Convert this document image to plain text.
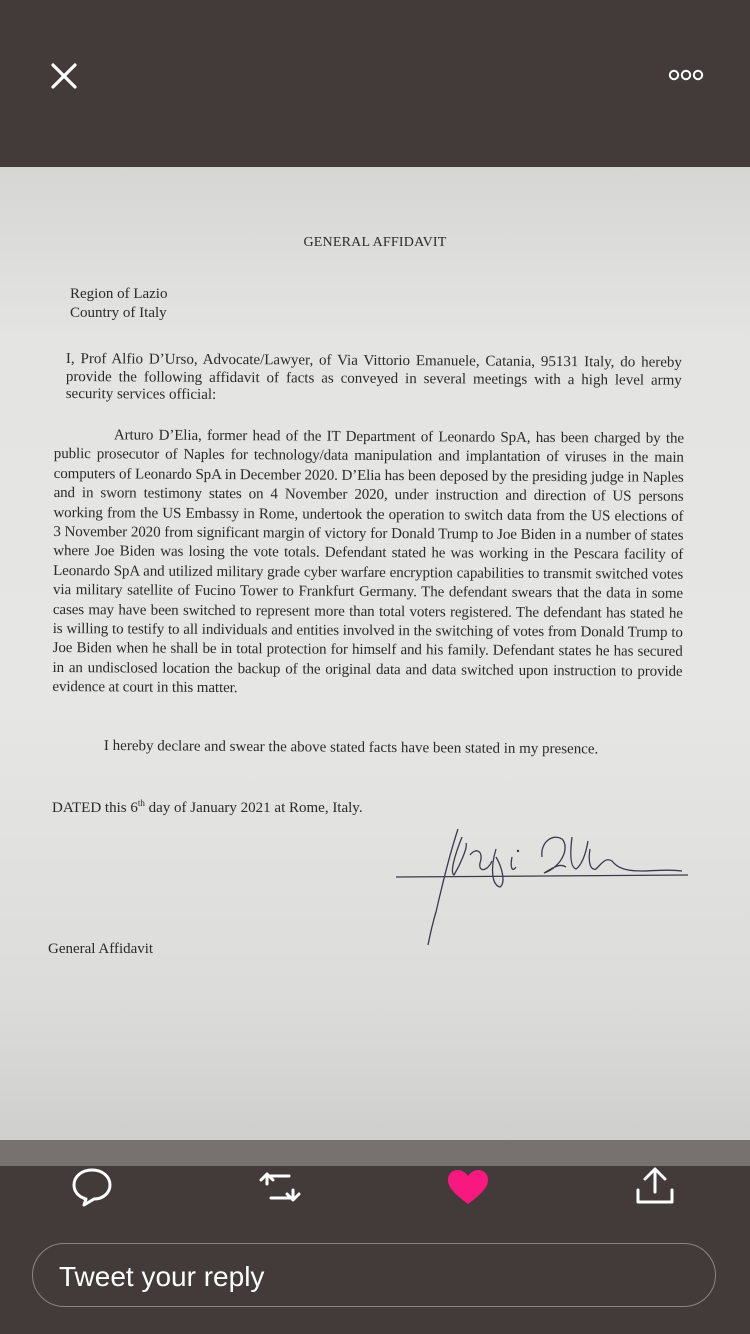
GENERAL AFFIDAVIT
Region of Lazio
Country of Italy
I, Prof Alfio D’Urso, Advocate/Lawyer, of Via Vittorio Emanuele, Catania, 95131 Italy, do hereby provide the following affidavit of facts as conveyed in several meetings with a high level army security services official:
Arturo D’Elia, former head of the IT Department of Leonardo SpA, has been charged by the public prosecutor of Naples for technology/data manipulation and implantation of viruses in the main computers of Leonardo SpA in December 2020. D’Elia has been deposed by the presiding judge in Naples and in sworn testimony states on 4 November 2020, under instruction and direction of US persons working from the US Embassy in Rome, undertook the operation to switch data from the US elections of 3 November 2020 from significant margin of victory for Donald Trump to Joe Biden in a number of states where Joe Biden was losing the vote totals. Defendant stated he was working in the Pescara facility of Leonardo SpA and utilized military grade cyber warfare encryption capabilities to transmit switched votes via military satellite of Fucino Tower to Frankfurt Germany. The defendant swears that the data in some cases may have been switched to represent more than total voters registered. The defendant has stated he is willing to testify to all individuals and entities involved in the switching of votes from Donald Trump to Joe Biden when he shall be in total protection for himself and his family. Defendant states he has secured in an undisclosed location the backup of the original data and data switched upon instruction to provide evidence at court in this matter.
I hereby declare and swear the above stated facts have been stated in my presence.
DATED this 6th day of January 2021 at Rome, Italy.
General Affidavit
Tweet your reply
